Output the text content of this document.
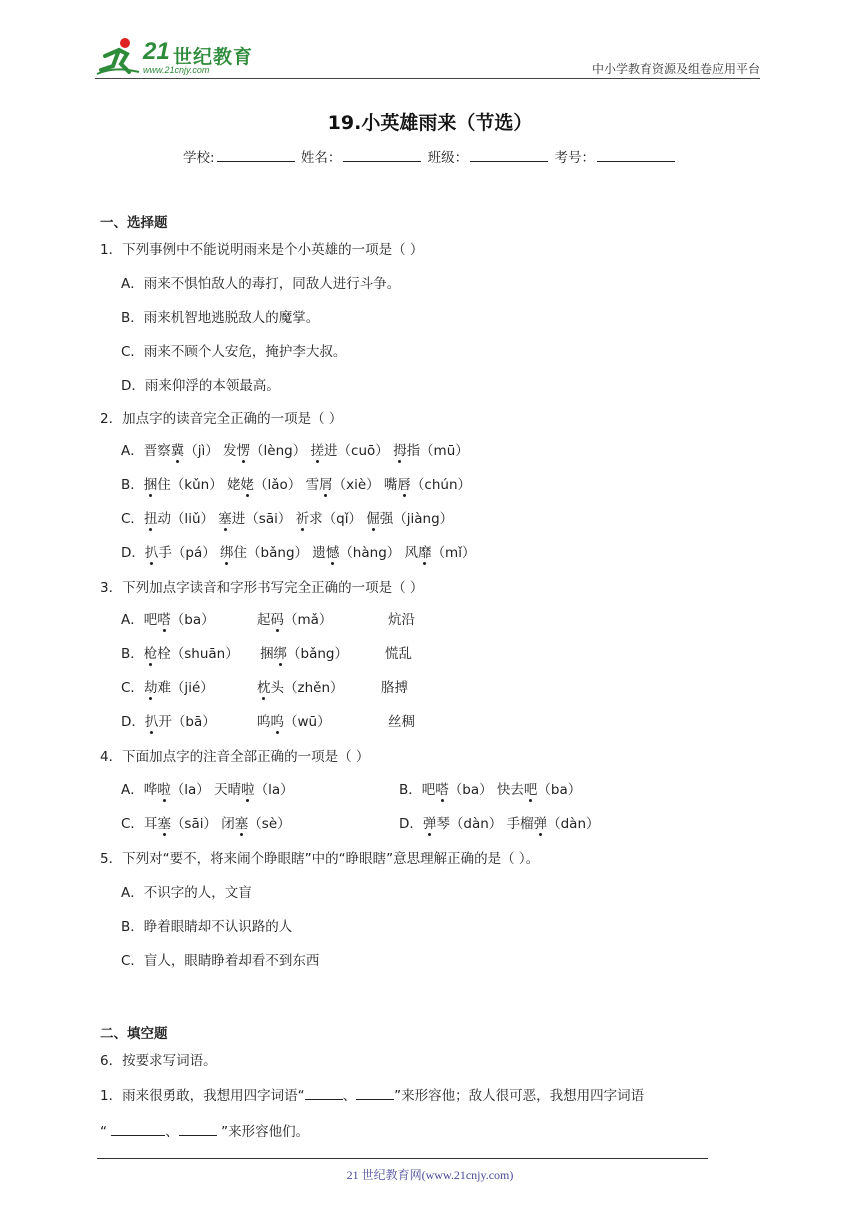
21 世纪教育
www.21cnjy.com	中小学教育资源及组卷应用平台
19.小英雄雨来（节选）
学校:	姓名：	班级：	考号：
一、选择题
1．下列事例中不能说明雨来是个小英雄的一项是（ ）
A．雨来不惧怕敌人的毒打，同敌人进行斗争。
B．雨来机智地逃脱敌人的魔掌。
C．雨来不顾个人安危，掩护李大叔。
D．雨来仰浮的本领最高。
2．加点字的读音完全正确的一项是（ ）
A．晋察冀（jì） 发愣（lèng） 搓进（cuō） 拇指（mū）
B．捆住（kǔn） 姥姥（lǎo） 雪屑（xiè） 嘴唇（chún）
C．扭动（liǔ） 塞进（sāi） 祈求（qǐ） 倔强（jiàng）
D．扒手（pá） 绑住（bǎng） 遗憾（hàng） 风靡（mǐ）
3．下列加点字读音和字形书写完全正确的一项是（ ）
A．吧嗒（ba）	起码（mǎ）	炕沿
B．枪栓（shuān） 捆绑（bǎng）	慌乱
C．劫难（jié）	枕头（zhěn）	胳搏
D．扒开（bā）	呜呜（wū）	丝稠
4．下面加点字的注音全部正确的一项是（ ）
A．哗啦（la） 天晴啦（la）	B．吧嗒（ba） 快去吧（ba）
C．耳塞（sāi） 闭塞（sè）	D．弹琴（dàn） 手榴弹（dàn）
5．下列对“要不，将来闹个睁眼瞎”中的“睁眼瞎”意思理解正确的是（ ）。
A．不识字的人，文盲
B．睁着眼睛却不认识路的人
C．盲人，眼睛睁着却看不到东西
二、填空题
6．按要求写词语。
1．雨来很勇敢，我想用四字词语“	、	”来形容他；敌人很可恶，我想用四字词语
“	、	”来形容他们。
21 世纪教育网(www.21cnjy.com)
